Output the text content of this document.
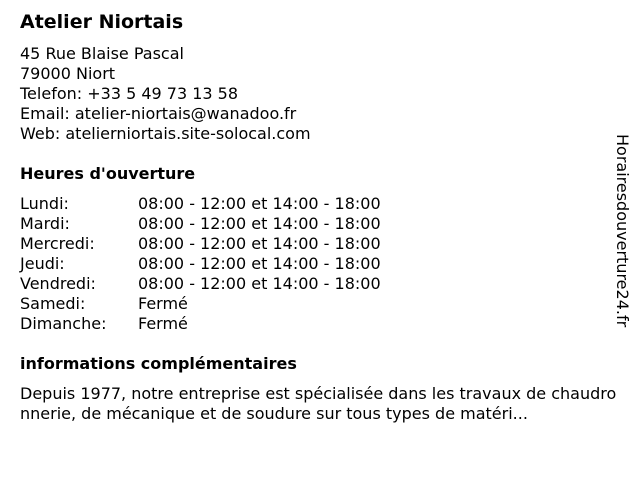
Atelier Niortais
45 Rue Blaise Pascal
79000 Niort
Telefon: +33 5 49 73 13 58
Email: atelier-niortais@wanadoo.fr
Web: atelierniortais.site-solocal.com
Heures d'ouverture
Lundi:	08:00 - 12:00 et 14:00 - 18:00
Mardi:	08:00 - 12:00 et 14:00 - 18:00
Mercredi:	08:00 - 12:00 et 14:00 - 18:00
Jeudi:	08:00 - 12:00 et 14:00 - 18:00
Vendredi:	08:00 - 12:00 et 14:00 - 18:00
Samedi:	Fermé
Dimanche:	Fermé
informations complémentaires
Depuis 1977, notre entreprise est spécialisée dans les travaux de chaudronnerie, de mécanique et de soudure sur tous types de matéri...
Horairesdouverture24.fr
